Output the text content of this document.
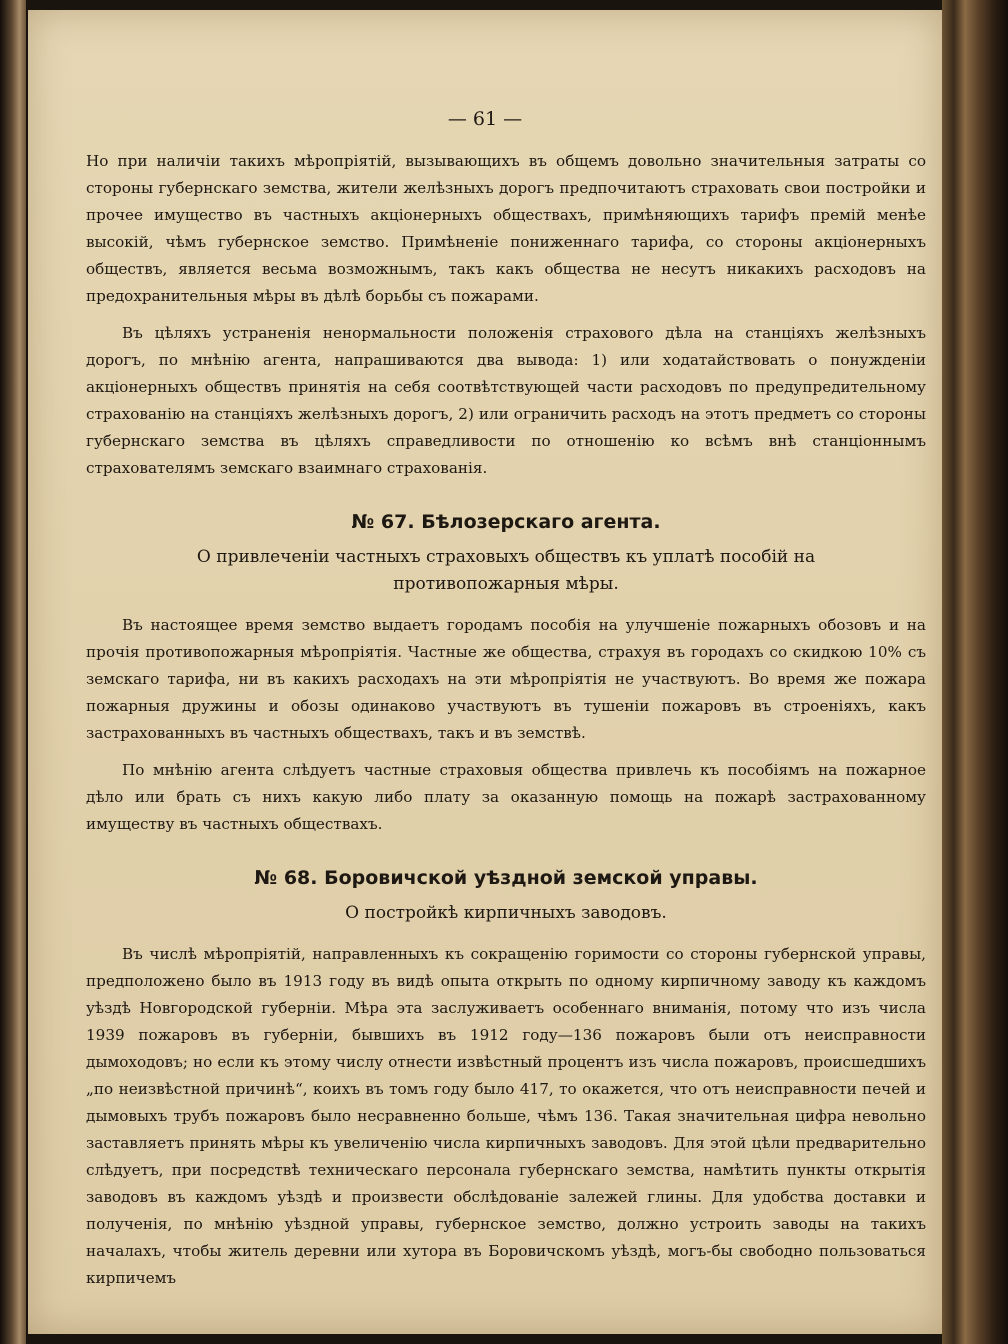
— 61 —

Но при наличіи такихъ мѣропріятій, вызывающихъ въ общемъ довольно значительныя затраты со стороны губернскаго земства, жители желѣзныхъ дорогъ предпочитаютъ страховать свои постройки и прочее имущество въ частныхъ акціонерныхъ обществахъ, примѣняющихъ тарифъ премій менѣе высокій, чѣмъ губернское земство. Примѣненіе пониженнаго тарифа, со стороны акціонерныхъ обществъ, является весьма возможнымъ, такъ какъ общества не несутъ никакихъ расходовъ на предохранительныя мѣры въ дѣлѣ борьбы съ пожарами.

Въ цѣляхъ устраненія ненормальности положенія страхового дѣла на станціяхъ желѣзныхъ дорогъ, по мнѣнію агента, напрашиваются два вывода: 1) или ходатайствовать о понужденіи акціонерныхъ обществъ принятія на себя соотвѣтствующей части расходовъ по предупредительному страхованію на станціяхъ желѣзныхъ дорогъ, 2) или ограничить расходъ на этотъ предметъ со стороны губернскаго земства въ цѣляхъ справедливости по отношенію ко всѣмъ внѣ станціоннымъ страхователямъ земскаго взаимнаго страхованія.

№ 67. Бѣлозерскаго агента.
О привлеченіи частныхъ страховыхъ обществъ къ уплатѣ пособій на противопожарныя мѣры.

Въ настоящее время земство выдаетъ городамъ пособія на улучшеніе пожарныхъ обозовъ и на прочія противопожарныя мѣропріятія. Частные же общества, страхуя въ городахъ со скидкою 10% съ земскаго тарифа, ни въ какихъ расходахъ на эти мѣропріятія не участвуютъ. Во время же пожара пожарныя дружины и обозы одинаково участвуютъ въ тушеніи пожаровъ въ строеніяхъ, какъ застрахованныхъ въ частныхъ обществахъ, такъ и въ земствѣ.

По мнѣнію агента слѣдуетъ частные страховыя общества привлечь къ пособіямъ на пожарное дѣло или брать съ нихъ какую либо плату за оказанную помощь на пожарѣ застрахованному имуществу въ частныхъ обществахъ.

№ 68. Боровичской уѣздной земской управы.
О постройкѣ кирпичныхъ заводовъ.

Въ числѣ мѣропріятій, направленныхъ къ сокращенію горимости со стороны губернской управы, предположено было въ 1913 году въ видѣ опыта открыть по одному кирпичному заводу къ каждомъ уѣздѣ Новгородской губерніи. Мѣра эта заслуживаетъ особеннаго вниманія, потому что изъ числа 1939 пожаровъ въ губерніи, бывшихъ въ 1912 году—136 пожаровъ были отъ неисправности дымоходовъ; но если къ этому числу отнести извѣстный процентъ изъ числа пожаровъ, происшедшихъ „по неизвѣстной причинѣ“, коихъ въ томъ году было 417, то окажется, что отъ неисправности печей и дымовыхъ трубъ пожаровъ было несравненно больше, чѣмъ 136. Такая значительная цифра невольно заставляетъ принять мѣры къ увеличенію числа кирпичныхъ заводовъ. Для этой цѣли предварительно слѣдуетъ, при посредствѣ техническаго персонала губернскаго земства, намѣтить пункты открытія заводовъ въ каждомъ уѣздѣ и произвести обслѣдованіе залежей глины. Для удобства доставки и полученія, по мнѣнію уѣздной управы, губернское земство, должно устроить заводы на такихъ началахъ, чтобы житель деревни или хутора въ Боровичскомъ уѣздѣ, могъ-бы свободно пользоваться кирпичемъ
